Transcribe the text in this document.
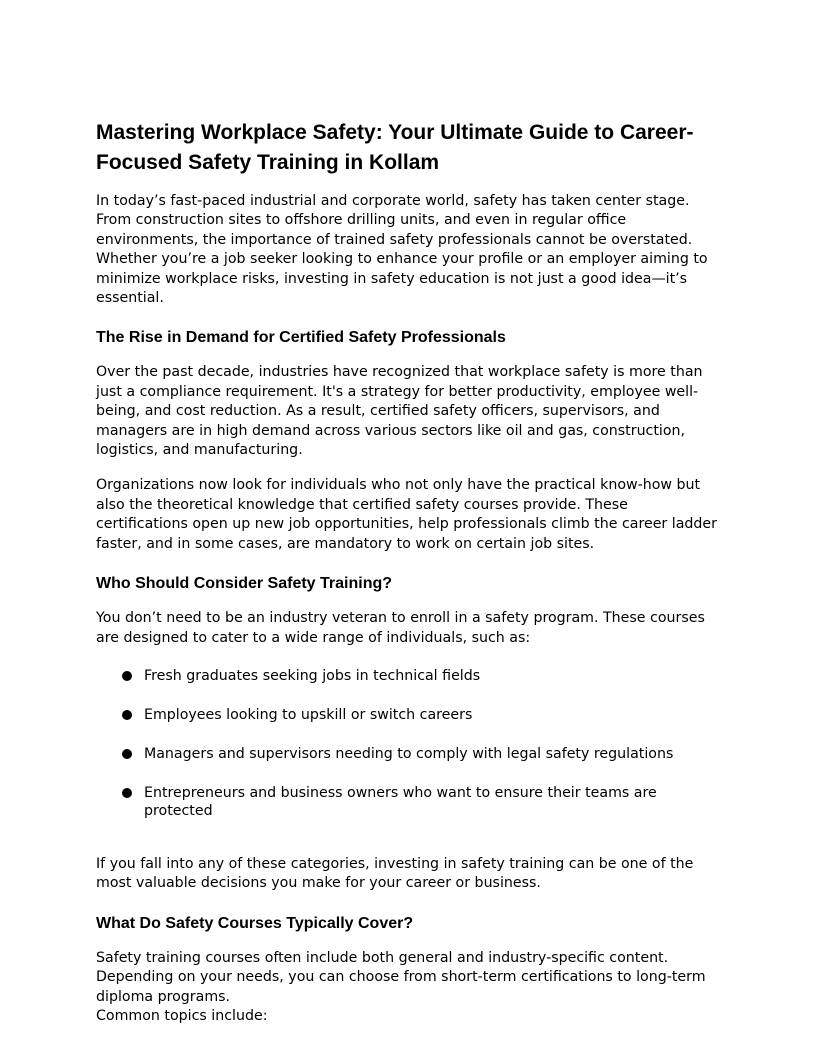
Mastering Workplace Safety: Your Ultimate Guide to Career-Focused Safety Training in Kollam

In today’s fast-paced industrial and corporate world, safety has taken center stage. From construction sites to offshore drilling units, and even in regular office environments, the importance of trained safety professionals cannot be overstated. Whether you’re a job seeker looking to enhance your profile or an employer aiming to minimize workplace risks, investing in safety education is not just a good idea—it’s essential.

The Rise in Demand for Certified Safety Professionals

Over the past decade, industries have recognized that workplace safety is more than just a compliance requirement. It's a strategy for better productivity, employee well-being, and cost reduction. As a result, certified safety officers, supervisors, and managers are in high demand across various sectors like oil and gas, construction, logistics, and manufacturing.

Organizations now look for individuals who not only have the practical know-how but also the theoretical knowledge that certified safety courses provide. These certifications open up new job opportunities, help professionals climb the career ladder faster, and in some cases, are mandatory to work on certain job sites.

Who Should Consider Safety Training?

You don’t need to be an industry veteran to enroll in a safety program. These courses are designed to cater to a wide range of individuals, such as:

Fresh graduates seeking jobs in technical fields
Employees looking to upskill or switch careers
Managers and supervisors needing to comply with legal safety regulations
Entrepreneurs and business owners who want to ensure their teams are protected

If you fall into any of these categories, investing in safety training can be one of the most valuable decisions you make for your career or business.

What Do Safety Courses Typically Cover?

Safety training courses often include both general and industry-specific content. Depending on your needs, you can choose from short-term certifications to long-term diploma programs.

Common topics include:
